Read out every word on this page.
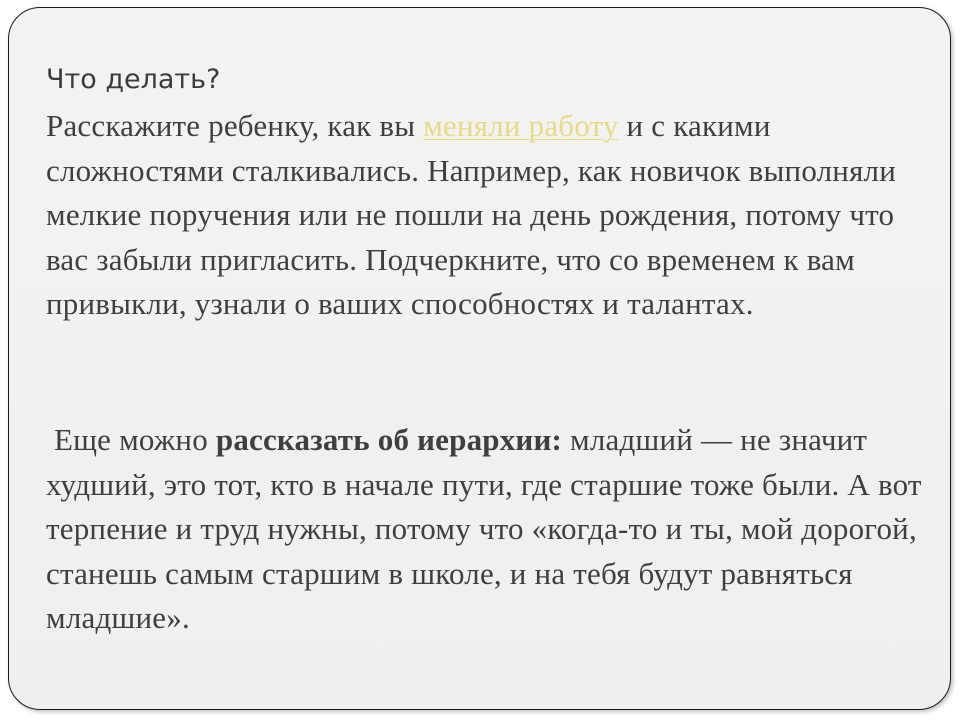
Что делать?

Расскажите ребенку, как вы меняли работу и с какими сложностями сталкивались. Например, как новичок выполняли мелкие поручения или не пошли на день рождения, потому что вас забыли пригласить. Подчеркните, что со временем к вам привыкли, узнали о ваших способностях и талантах.

Еще можно рассказать об иерархии: младший — не значит худший, это тот, кто в начале пути, где старшие тоже были. А вот терпение и труд нужны, потому что «когда-то и ты, мой дорогой, станешь самым старшим в школе, и на тебя будут равняться младшие».
